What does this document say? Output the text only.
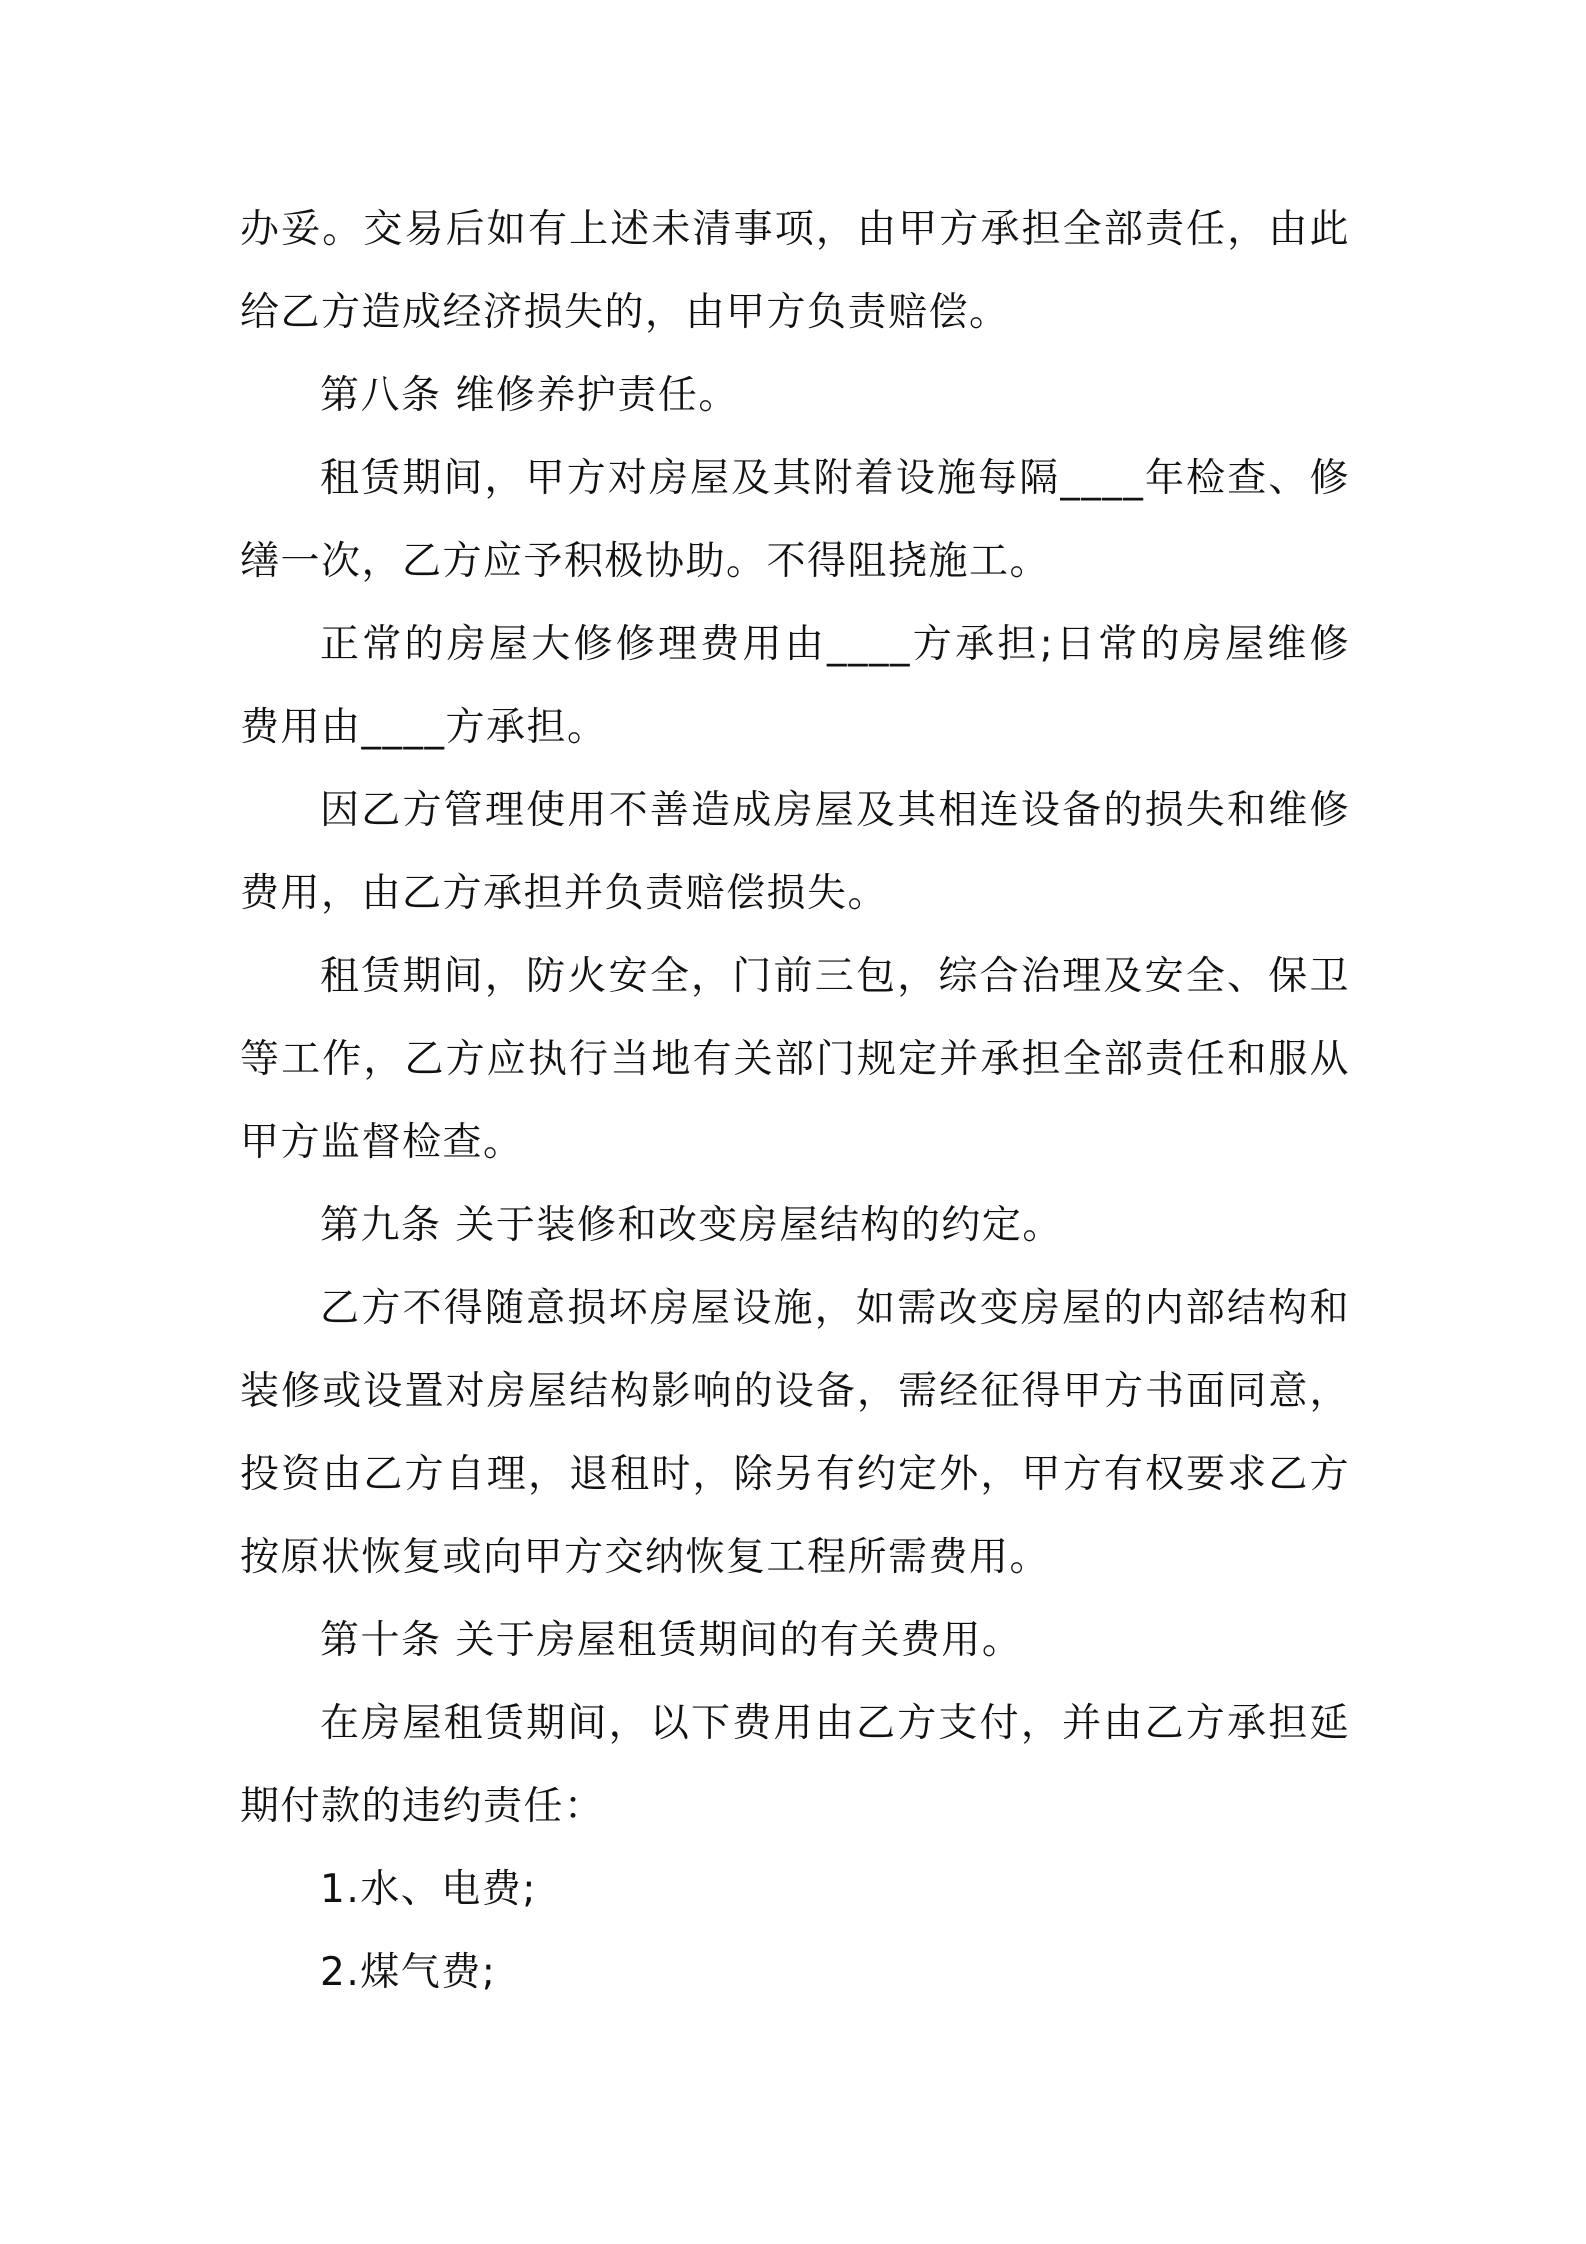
办妥。交易后如有上述未清事项，由甲方承担全部责任，由此给乙方造成经济损失的，由甲方负责赔偿。

第八条 维修养护责任。

租赁期间，甲方对房屋及其附着设施每隔____年检查、修缮一次，乙方应予积极协助。不得阻挠施工。

正常的房屋大修修理费用由____方承担;日常的房屋维修费用由____方承担。

因乙方管理使用不善造成房屋及其相连设备的损失和维修费用，由乙方承担并负责赔偿损失。

租赁期间，防火安全，门前三包，综合治理及安全、保卫等工作，乙方应执行当地有关部门规定并承担全部责任和服从甲方监督检查。

第九条 关于装修和改变房屋结构的约定。

乙方不得随意损坏房屋设施，如需改变房屋的内部结构和装修或设置对房屋结构影响的设备，需经征得甲方书面同意，投资由乙方自理，退租时，除另有约定外，甲方有权要求乙方按原状恢复或向甲方交纳恢复工程所需费用。

第十条 关于房屋租赁期间的有关费用。

在房屋租赁期间，以下费用由乙方支付，并由乙方承担延期付款的违约责任：

1.水、电费;

2.煤气费;
